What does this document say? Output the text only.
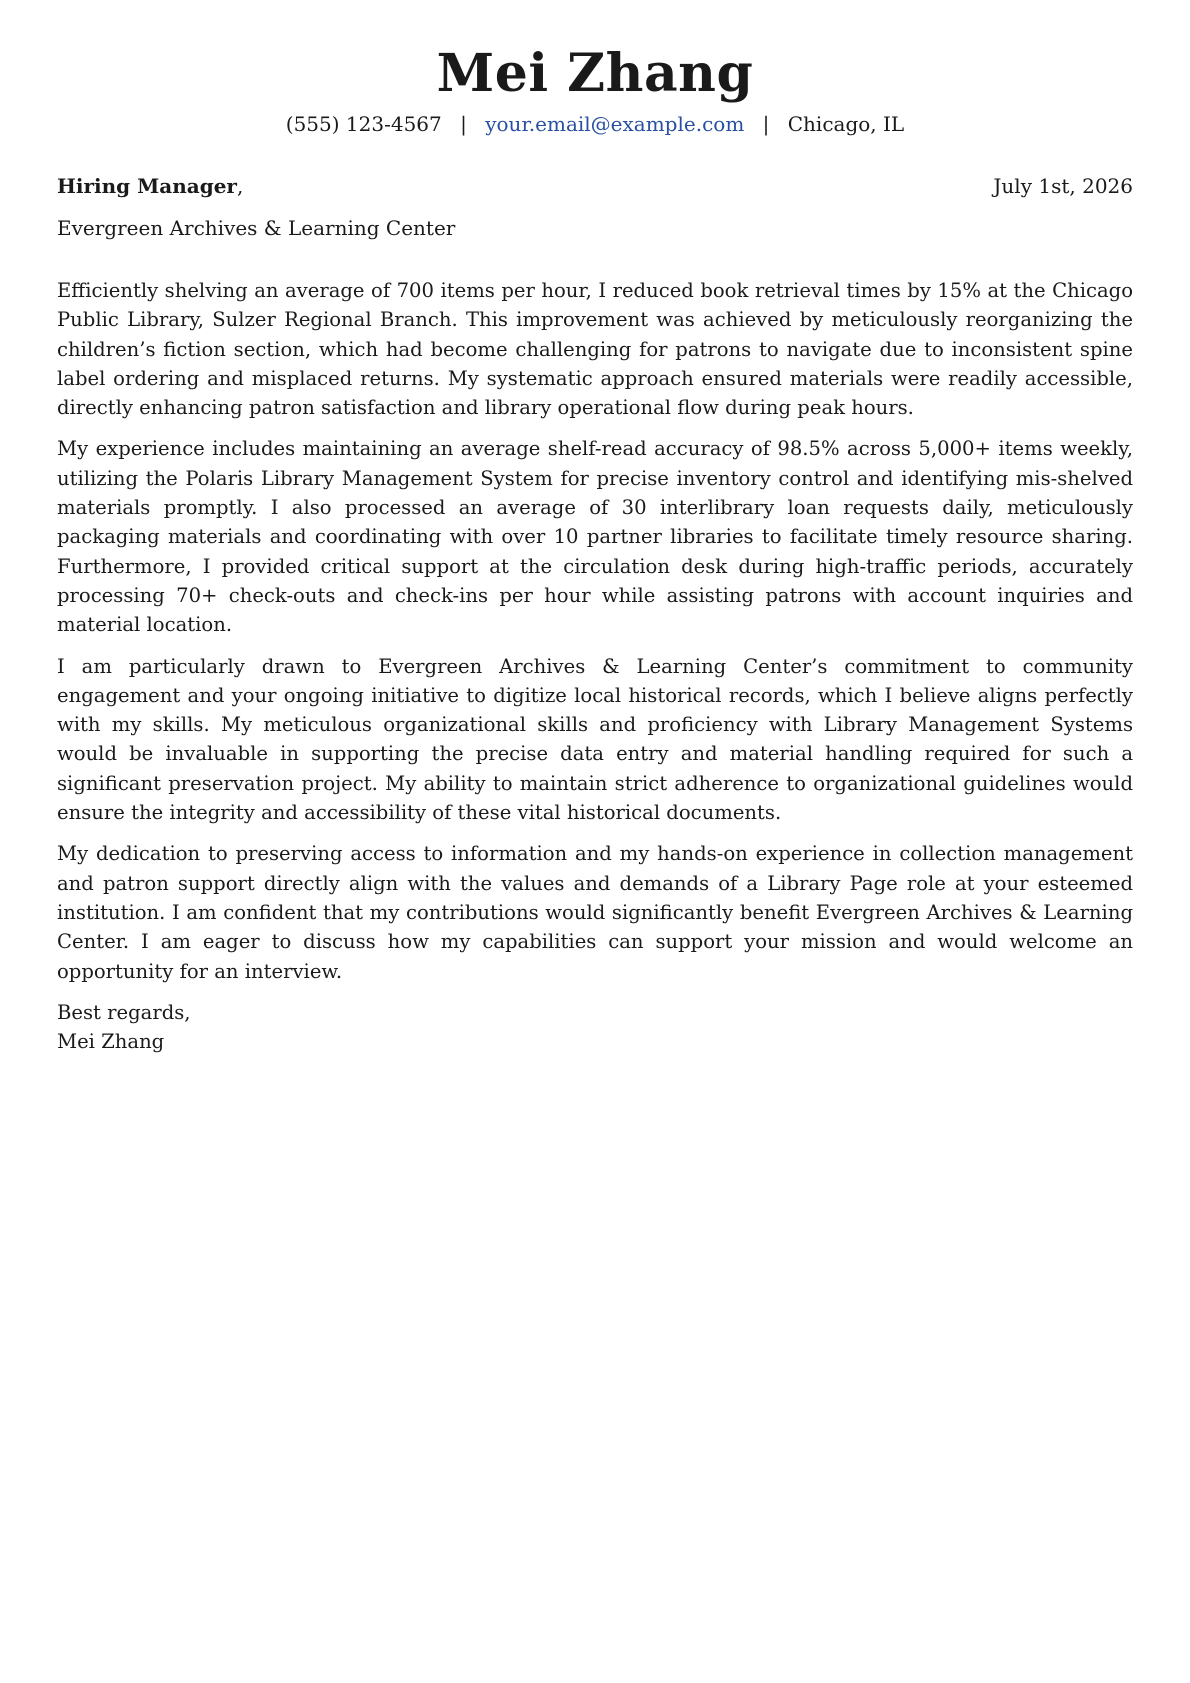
Mei Zhang
(555) 123-4567 | your.email@example.com | Chicago, IL
Hiring Manager,	July 1st, 2026
Evergreen Archives & Learning Center

Efficiently shelving an average of 700 items per hour, I reduced book retrieval times by 15% at the Chicago Public Library, Sulzer Regional Branch. This improvement was achieved by meticulously reorganizing the children’s fiction section, which had become challenging for patrons to navigate due to inconsistent spine label ordering and misplaced returns. My systematic approach ensured materials were readily accessible, directly enhancing patron satisfaction and library operational flow during peak hours.

My experience includes maintaining an average shelf-read accuracy of 98.5% across 5,000+ items weekly, utilizing the Polaris Library Management System for precise inventory control and identifying mis-shelved materials promptly. I also processed an average of 30 interlibrary loan requests daily, meticulously packaging materials and coordinating with over 10 partner libraries to facilitate timely resource sharing. Furthermore, I provided critical support at the circulation desk during high-traffic periods, accurately processing 70+ check-outs and check-ins per hour while assisting patrons with account inquiries and material location.

I am particularly drawn to Evergreen Archives & Learning Center’s commitment to community engagement and your ongoing initiative to digitize local historical records, which I believe aligns perfectly with my skills. My meticulous organizational skills and proficiency with Library Management Systems would be invaluable in supporting the precise data entry and material handling required for such a significant preservation project. My ability to maintain strict adherence to organizational guidelines would ensure the integrity and accessibility of these vital historical documents.

My dedication to preserving access to information and my hands-on experience in collection management and patron support directly align with the values and demands of a Library Page role at your esteemed institution. I am confident that my contributions would significantly benefit Evergreen Archives & Learning Center. I am eager to discuss how my capabilities can support your mission and would welcome an opportunity for an interview.

Best regards,
Mei Zhang
